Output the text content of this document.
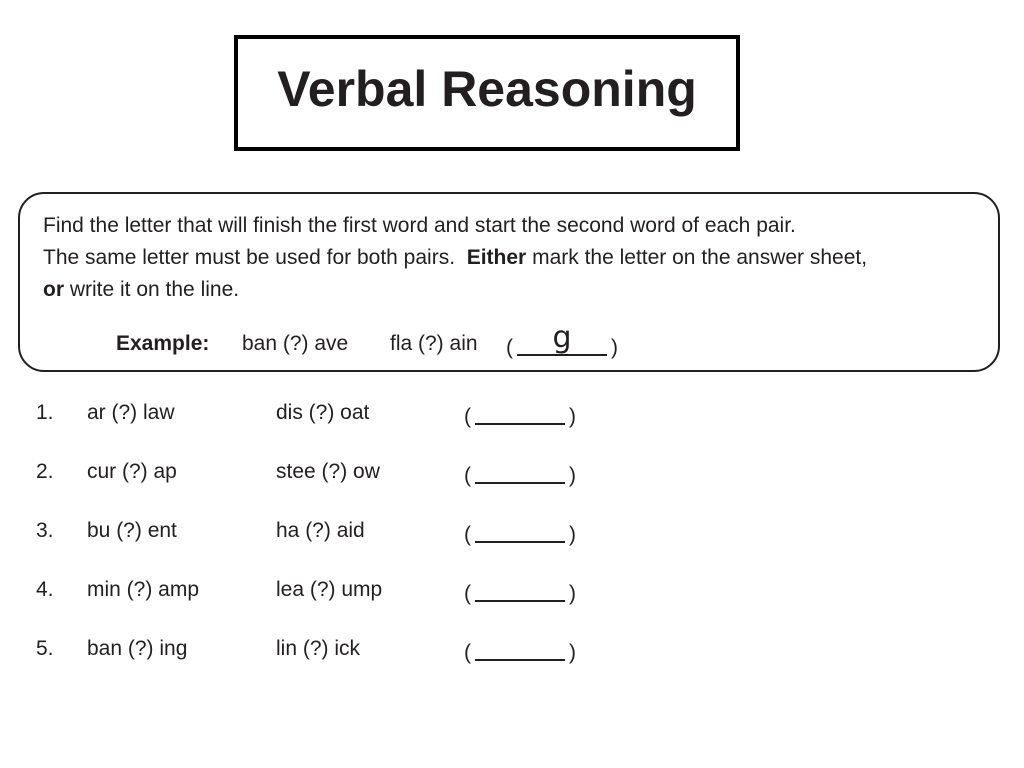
Verbal Reasoning
Find the letter that will finish the first word and start the second word of each pair.
The same letter must be used for both pairs. Either mark the letter on the answer sheet,
or write it on the line.
Example: ban (?) ave fla (?) ain (	g	)
1. ar (?) law	dis (?) oat	(	)
2. cur (?) ap	stee (?) ow	(	)
3. bu (?) ent	ha (?) aid	(	)
4. min (?) amp	lea (?) ump	(	)
5. ban (?) ing	lin (?) ick	(	)
